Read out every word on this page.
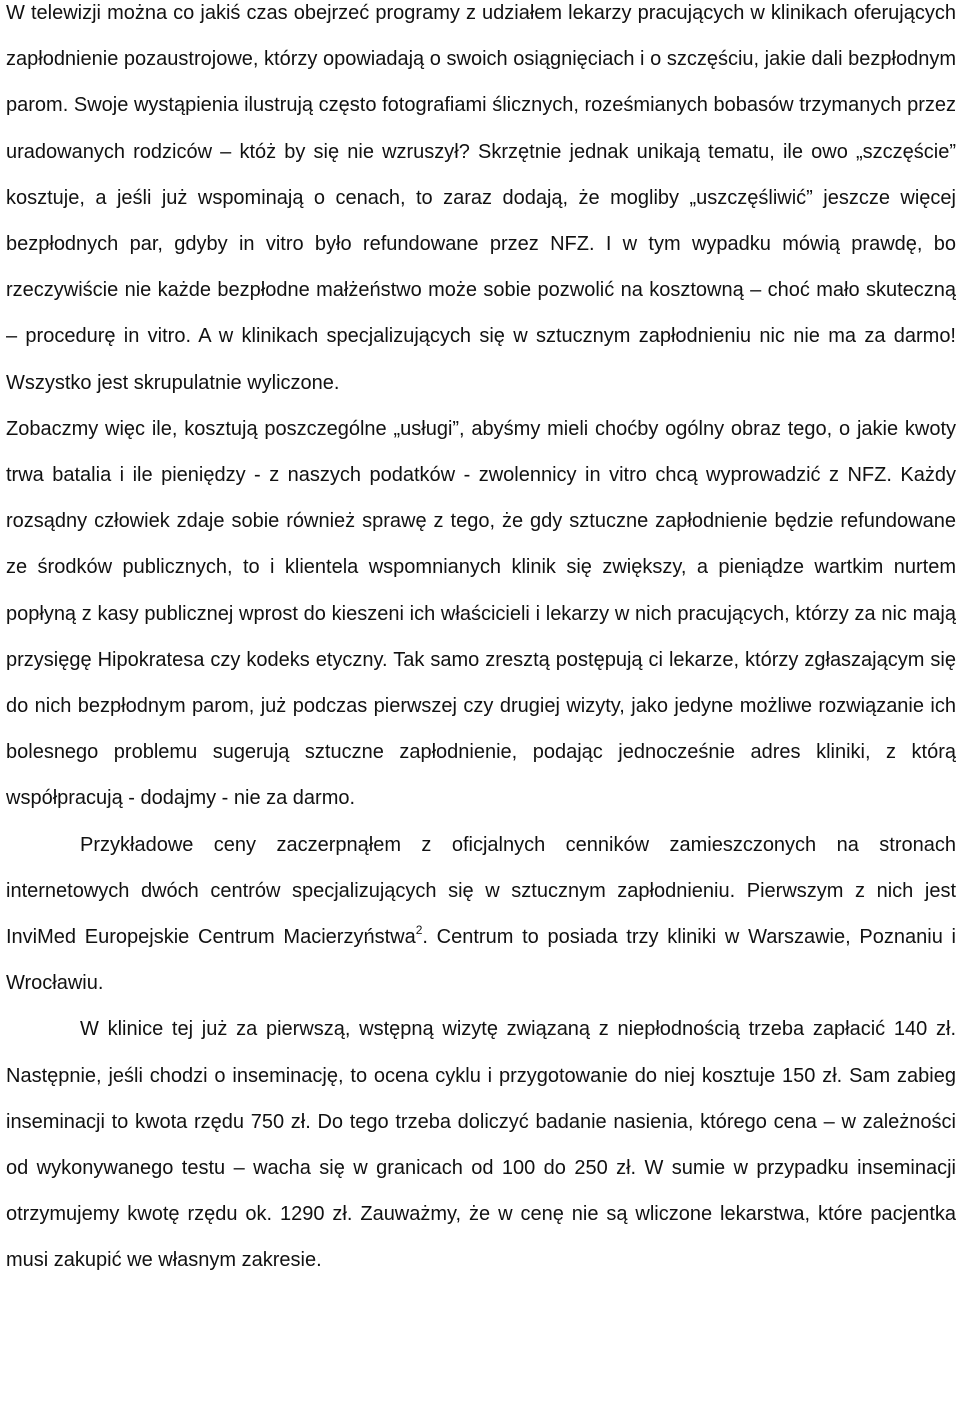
W telewizji można co jakiś czas obejrzeć programy z udziałem lekarzy pracujących w klinikach oferujących zapłodnienie pozaustrojowe, którzy opowiadają o swoich osiągnięciach i o szczęściu, jakie dali bezpłodnym parom. Swoje wystąpienia ilustrują często fotografiami ślicznych, roześmianych bobasów trzymanych przez uradowanych rodziców – któż by się nie wzruszył? Skrzętnie jednak unikają tematu, ile owo „szczęście” kosztuje, a jeśli już wspominają o cenach, to zaraz dodają, że mogliby „uszczęśliwić” jeszcze więcej bezpłodnych par, gdyby in vitro było refundowane przez NFZ. I w tym wypadku mówią prawdę, bo rzeczywiście nie każde bezpłodne małżeństwo może sobie pozwolić na kosztowną – choć mało skuteczną – procedurę in vitro. A w klinikach specjalizujących się w sztucznym zapłodnieniu nic nie ma za darmo! Wszystko jest skrupulatnie wyliczone.

Zobaczmy więc ile, kosztują poszczególne „usługi”, abyśmy mieli choćby ogólny obraz tego, o jakie kwoty trwa batalia i ile pieniędzy - z naszych podatków - zwolennicy in vitro chcą wyprowadzić z NFZ. Każdy rozsądny człowiek zdaje sobie również sprawę z tego, że gdy sztuczne zapłodnienie będzie refundowane ze środków publicznych, to i klientela wspomnianych klinik się zwiększy, a pieniądze wartkim nurtem popłyną z kasy publicznej wprost do kieszeni ich właścicieli i lekarzy w nich pracujących, którzy za nic mają przysięgę Hipokratesa czy kodeks etyczny. Tak samo zresztą postępują ci lekarze, którzy zgłaszającym się do nich bezpłodnym parom, już podczas pierwszej czy drugiej wizyty, jako jedyne możliwe rozwiązanie ich bolesnego problemu sugerują sztuczne zapłodnienie, podając jednocześnie adres kliniki, z którą współpracują - dodajmy - nie za darmo.

Przykładowe ceny zaczerpnąłem z oficjalnych cenników zamieszczonych na stronach internetowych dwóch centrów specjalizujących się w sztucznym zapłodnieniu. Pierwszym z nich jest InviMed Europejskie Centrum Macierzyństwa$^2$. Centrum to posiada trzy kliniki w Warszawie, Poznaniu i Wrocławiu.

W klinice tej już za pierwszą, wstępną wizytę związaną z niepłodnością trzeba zapłacić 140 zł. Następnie, jeśli chodzi o inseminację, to ocena cyklu i przygotowanie do niej kosztuje 150 zł. Sam zabieg inseminacji to kwota rzędu 750 zł. Do tego trzeba doliczyć badanie nasienia, którego cena – w zależności od wykonywanego testu – wacha się w granicach od 100 do 250 zł. W sumie w przypadku inseminacji otrzymujemy kwotę rzędu ok. 1290 zł. Zauważmy, że w cenę nie są wliczone lekarstwa, które pacjentka musi zakupić we własnym zakresie.
